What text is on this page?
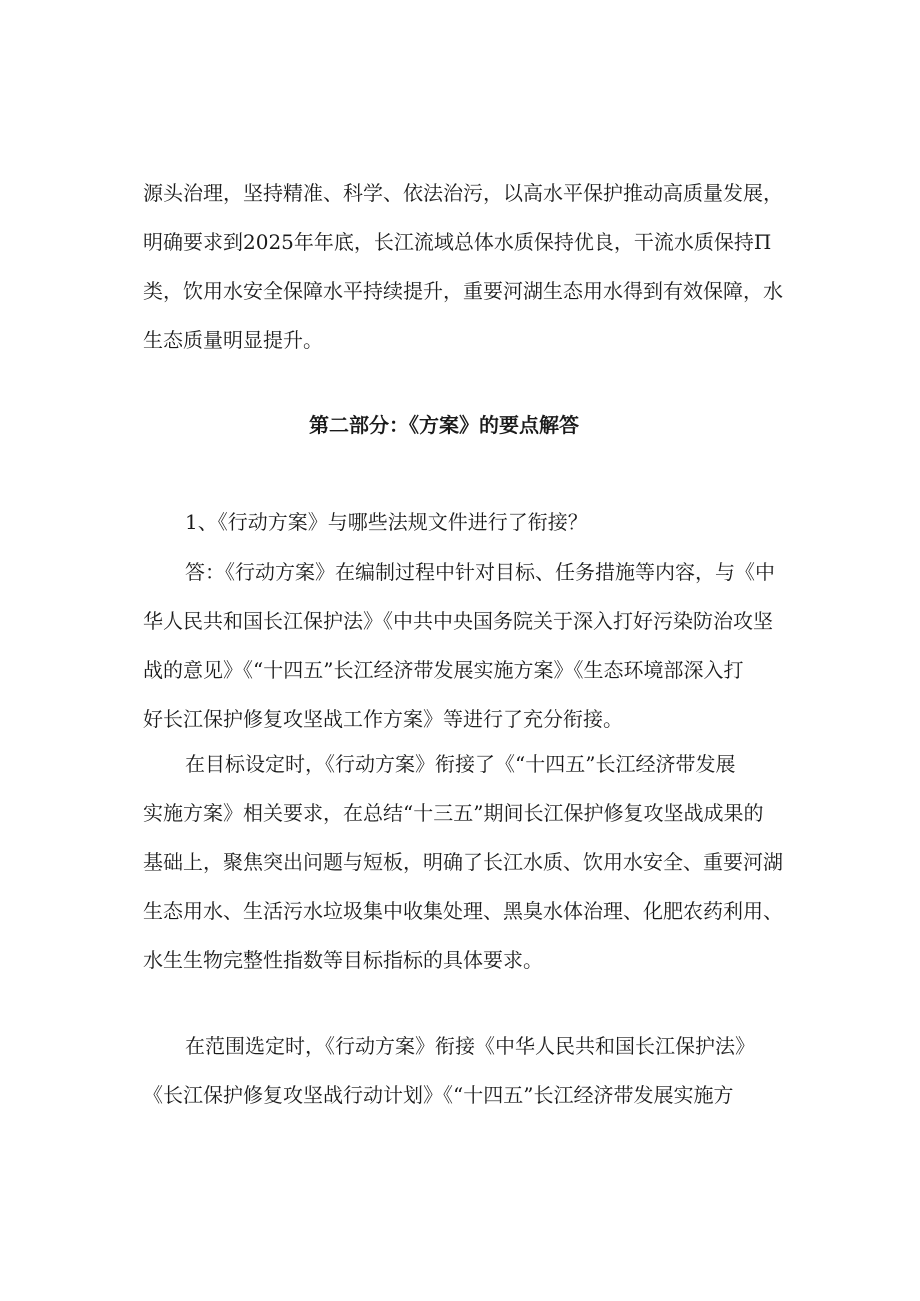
源头治理，坚持精准、科学、依法治污，以高水平保护推动高质量发展，

明确要求到2025年年底，长江流域总体水质保持优良，干流水质保持Π

类，饮用水安全保障水平持续提升，重要河湖生态用水得到有效保障，水

生态质量明显提升。

第二部分：《方案》的要点解答

1、《行动方案》与哪些法规文件进行了衔接？

答：《行动方案》在编制过程中针对目标、任务措施等内容，与《中

华人民共和国长江保护法》《中共中央国务院关于深入打好污染防治攻坚

战的意见》《“十四五”长江经济带发展实施方案》《生态环境部深入打

好长江保护修复攻坚战工作方案》等进行了充分衔接。

在目标设定时，《行动方案》衔接了《“十四五”长江经济带发展

实施方案》相关要求，在总结“十三五”期间长江保护修复攻坚战成果的

基础上，聚焦突出问题与短板，明确了长江水质、饮用水安全、重要河湖

生态用水、生活污水垃圾集中收集处理、黑臭水体治理、化肥农药利用、

水生生物完整性指数等目标指标的具体要求。

在范围选定时，《行动方案》衔接《中华人民共和国长江保护法》

《长江保护修复攻坚战行动计划》《“十四五”长江经济带发展实施方
